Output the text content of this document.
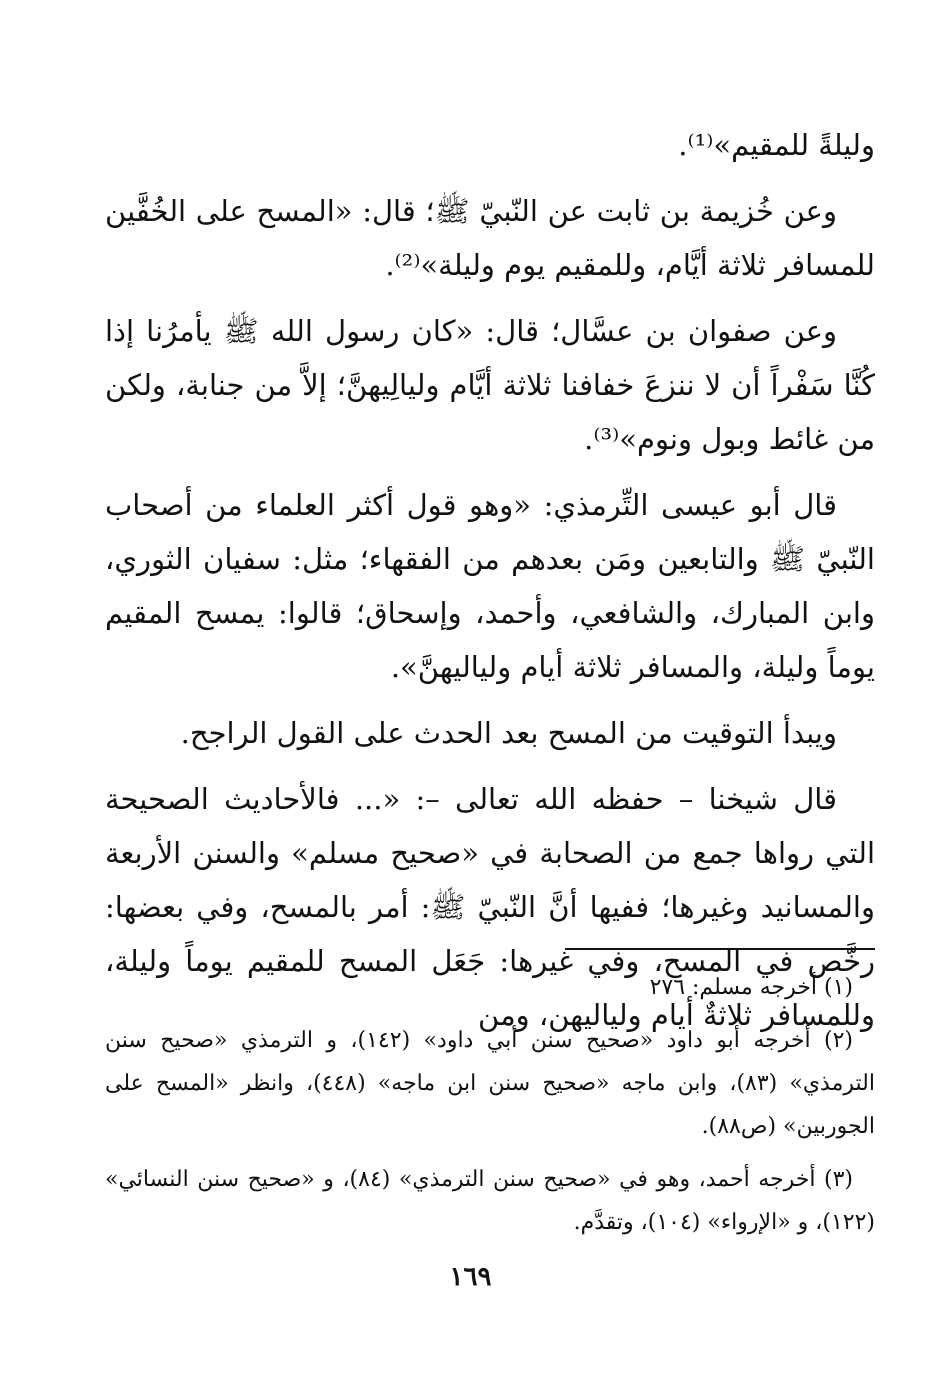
وليلةً للمقيم»⁽¹⁾.

وعن خُزيمة بن ثابت عن النّبيّ ﷺ؛ قال: «المسح على الخُفَّين للمسافر ثلاثة أيَّام، وللمقيم يوم وليلة»⁽²⁾.

وعن صفوان بن عسَّال؛ قال: «كان رسول الله ﷺ يأمرُنا إذا كُنَّا سَفْراً أن لا ننزعَ خفافنا ثلاثة أيَّام وليالِيهنَّ؛ إلاَّ من جنابة، ولكن من غائط وبول ونوم»⁽³⁾.

قال أبو عيسى التِّرمذي: «وهو قول أكثر العلماء من أصحاب النّبيّ ﷺ والتابعين ومَن بعدهم من الفقهاء؛ مثل: سفيان الثوري، وابن المبارك، والشافعي، وأحمد، وإسحاق؛ قالوا: يمسح المقيم يوماً وليلة، والمسافر ثلاثة أيام ولياليهنَّ».

ويبدأ التوقيت من المسح بعد الحدث على القول الراجح.

قال شيخنا – حفظه الله تعالى –: «... فالأحاديث الصحيحة التي رواها جمع من الصحابة في «صحيح مسلم» والسنن الأربعة والمسانيد وغيرها؛ ففيها أنَّ النّبيّ ﷺ: أمر بالمسح، وفي بعضها: رخَّص في المسح، وفي غيرها: جَعَل المسح للمقيم يوماً وليلة، وللمسافر ثلاثةٌ أيام ولياليهن، ومن

(١) أخرجه مسلم: ٢٧٦

(٢) أخرجه أبو داود «صحيح سنن أبي داود» (١٤٢)، و الترمذي «صحيح سنن الترمذي» (٨٣)، وابن ماجه «صحيح سنن ابن ماجه» (٤٤٨)، وانظر «المسح على الجوربين» (ص٨٨).

(٣) أخرجه أحمد، وهو في «صحيح سنن الترمذي» (٨٤)، و «صحيح سنن النسائي» (١٢٢)، و «الإرواء» (١٠٤)، وتقدَّم.

١٦٩
